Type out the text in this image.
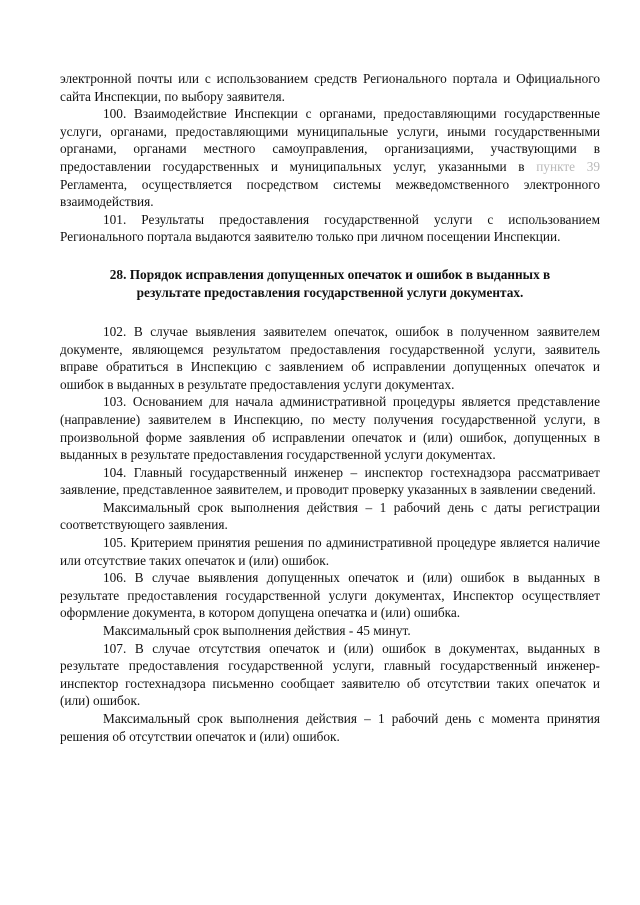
электронной почты или с использованием средств Регионального портала и Официального сайта Инспекции, по выбору заявителя.

100. Взаимодействие Инспекции с органами, предоставляющими государственные услуги, органами, предоставляющими муниципальные услуги, иными государственными органами, органами местного самоуправления, организациями, участвующими в предоставлении государственных и муниципальных услуг, указанными в пункте 39 Регламента, осуществляется посредством системы межведомственного электронного взаимодействия.

101. Результаты предоставления государственной услуги с использованием Регионального портала выдаются заявителю только при личном посещении Инспекции.

28. Порядок исправления допущенных опечаток и ошибок в выданных в
результате предоставления государственной услуги документах.

102. В случае выявления заявителем опечаток, ошибок в полученном заявителем документе, являющемся результатом предоставления государственной услуги, заявитель вправе обратиться в Инспекцию с заявлением об исправлении допущенных опечаток и ошибок в выданных в результате предоставления услуги документах.

103. Основанием для начала административной процедуры является представление (направление) заявителем в Инспекцию, по месту получения государственной услуги, в произвольной форме заявления об исправлении опечаток и (или) ошибок, допущенных в выданных в результате предоставления государственной услуги документах.

104. Главный государственный инженер – инспектор гостехнадзора рассматривает заявление, представленное заявителем, и проводит проверку указанных в заявлении сведений.

Максимальный срок выполнения действия – 1 рабочий день с даты регистрации соответствующего заявления.

105. Критерием принятия решения по административной процедуре является наличие или отсутствие таких опечаток и (или) ошибок.

106. В случае выявления допущенных опечаток и (или) ошибок в выданных в результате предоставления государственной услуги документах, Инспектор осуществляет оформление документа, в котором допущена опечатка и (или) ошибка.

Максимальный срок выполнения действия - 45 минут.

107. В случае отсутствия опечаток и (или) ошибок в документах, выданных в результате предоставления государственной услуги, главный государственный инженер-инспектор гостехнадзора письменно сообщает заявителю об отсутствии таких опечаток и (или) ошибок.

Максимальный срок выполнения действия – 1 рабочий день с момента принятия решения об отсутствии опечаток и (или) ошибок.
